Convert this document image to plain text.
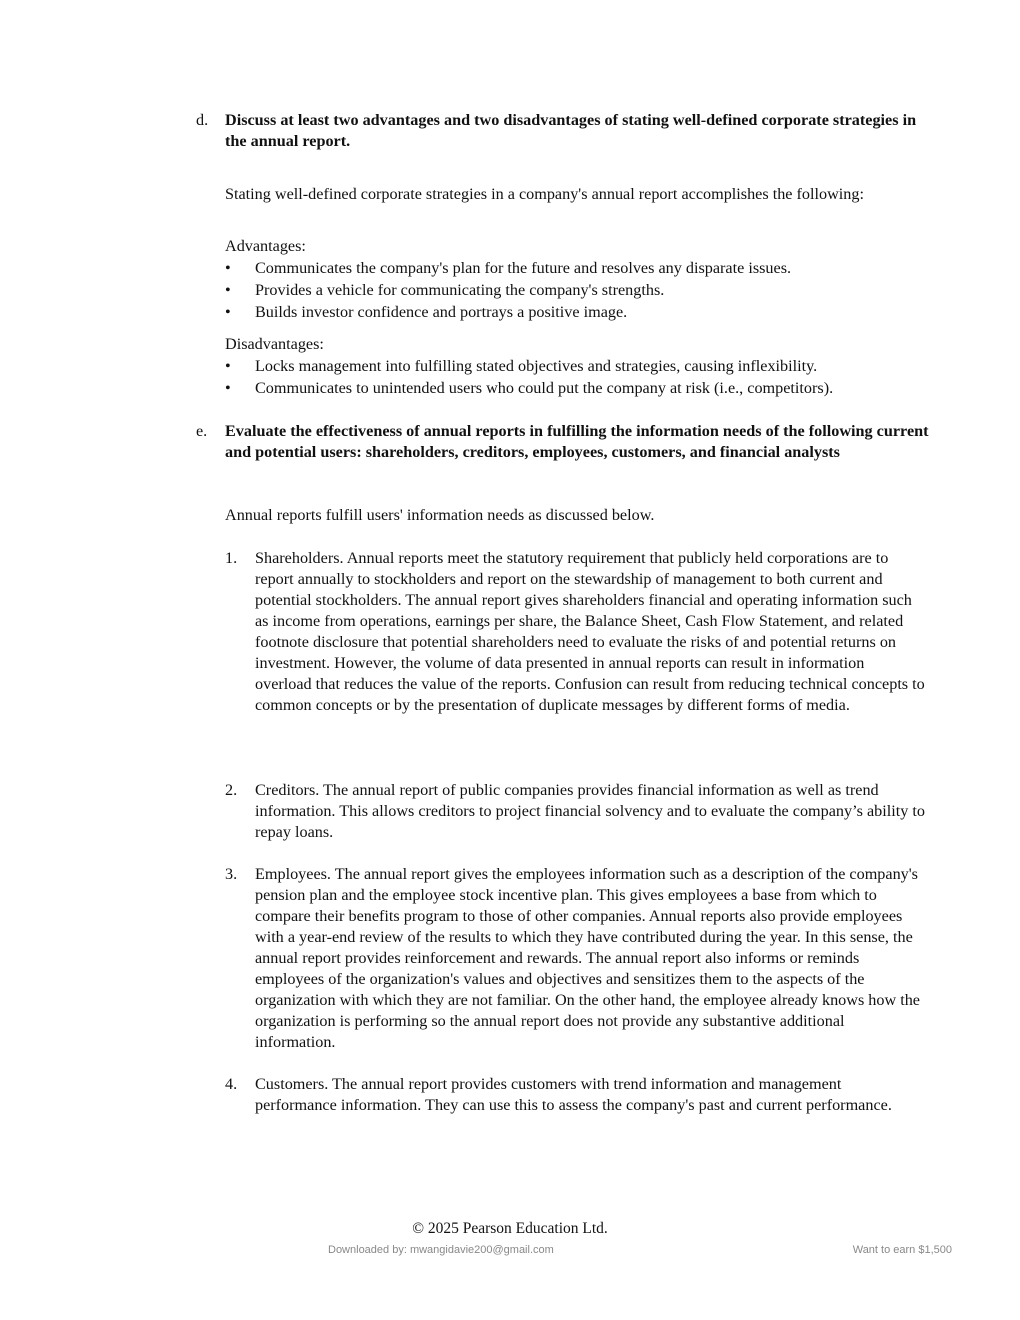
d.	Discuss at least two advantages and two disadvantages of stating well-defined corporate strategies in the annual report.
Stating well-defined corporate strategies in a company's annual report accomplishes the following:
Advantages:
• Communicates the company's plan for the future and resolves any disparate issues.
• Provides a vehicle for communicating the company's strengths.
• Builds investor confidence and portrays a positive image.
Disadvantages:
• Locks management into fulfilling stated objectives and strategies, causing inflexibility.
• Communicates to unintended users who could put the company at risk (i.e., competitors).
e.	Evaluate the effectiveness of annual reports in fulfilling the information needs of the following current and potential users: shareholders, creditors, employees, customers, and financial analysts
Annual reports fulfill users' information needs as discussed below.
1. Shareholders. Annual reports meet the statutory requirement that publicly held corporations are to report annually to stockholders and report on the stewardship of management to both current and potential stockholders. The annual report gives shareholders financial and operating information such as income from operations, earnings per share, the Balance Sheet, Cash Flow Statement, and related footnote disclosure that potential shareholders need to evaluate the risks of and potential returns on investment. However, the volume of data presented in annual reports can result in information overload that reduces the value of the reports. Confusion can result from reducing technical concepts to common concepts or by the presentation of duplicate messages by different forms of media.
2. Creditors. The annual report of public companies provides financial information as well as trend information. This allows creditors to project financial solvency and to evaluate the company’s ability to repay loans.
3. Employees. The annual report gives the employees information such as a description of the company's pension plan and the employee stock incentive plan. This gives employees a base from which to compare their benefits program to those of other companies. Annual reports also provide employees with a year-end review of the results to which they have contributed during the year. In this sense, the annual report provides reinforcement and rewards. The annual report also informs or reminds employees of the organization's values and objectives and sensitizes them to the aspects of the organization with which they are not familiar. On the other hand, the employee already knows how the organization is performing so the annual report does not provide any substantive additional information.
4. Customers. The annual report provides customers with trend information and management performance information. They can use this to assess the company's past and current performance.
© 2025 Pearson Education Ltd.
Downloaded by: mwangidavie200@gmail.com	Want to earn $1,500
